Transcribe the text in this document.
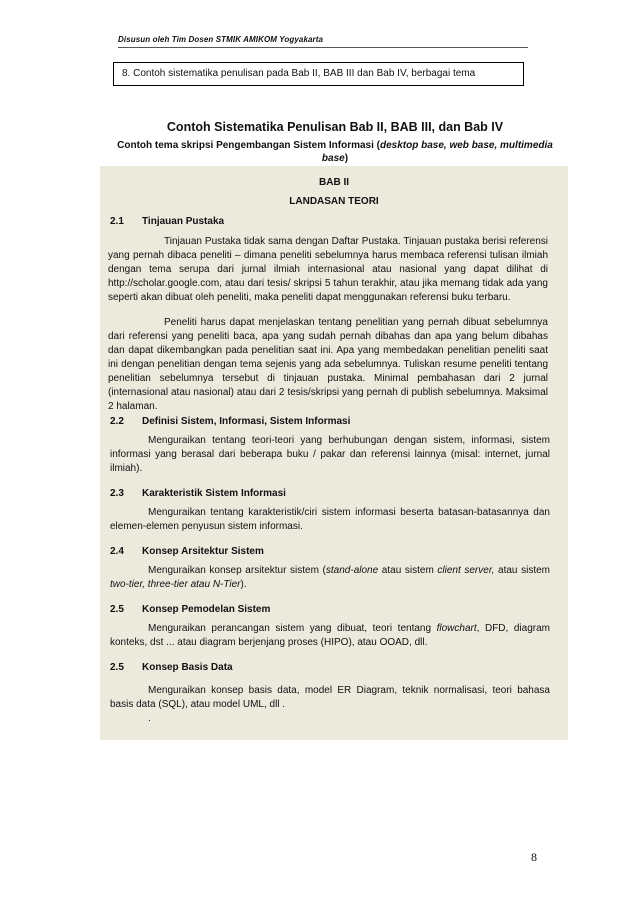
Disusun oleh Tim Dosen STMIK AMIKOM Yogyakarta
8. Contoh sistematika penulisan pada Bab II, BAB III dan Bab IV, berbagai tema
Contoh Sistematika Penulisan Bab II, BAB III, dan Bab IV
Contoh tema skripsi Pengembangan Sistem Informasi (desktop base, web base, multimedia base)
BAB II
LANDASAN TEORI
2.1 Tinjauan Pustaka
Tinjauan Pustaka tidak sama dengan Daftar Pustaka. Tinjauan pustaka berisi referensi yang pernah dibaca peneliti – dimana peneliti sebelumnya harus membaca referensi tulisan ilmiah dengan tema serupa dari jurnal ilmiah internasional atau nasional yang dapat dilihat di http://scholar.google.com, atau dari tesis/ skripsi 5 tahun terakhir, atau jika memang tidak ada yang seperti akan dibuat oleh peneliti, maka peneliti dapat menggunakan referensi buku terbaru.
Peneliti harus dapat menjelaskan tentang penelitian yang pernah dibuat sebelumnya dari referensi yang peneliti baca, apa yang sudah pernah dibahas dan apa yang belum dibahas dan dapat dikembangkan pada penelitian saat ini. Apa yang membedakan penelitian peneliti saat ini dengan penelitian dengan tema sejenis yang ada sebelumnya. Tuliskan resume peneliti tentang penelitian sebelumnya tersebut di tinjauan pustaka. Minimal pembahasan dari 2 jurnal (internasional atau nasional) atau dari 2 tesis/skripsi yang pernah di publish sebelumnya. Maksimal 2 halaman.
2.2 Definisi Sistem, Informasi, Sistem Informasi
Menguraikan tentang teori-teori yang berhubungan dengan sistem, informasi, sistem informasi yang berasal dari beberapa buku / pakar dan referensi lainnya (misal: internet, jurnal ilmiah).
2.3 Karakteristik Sistem Informasi
Menguraikan tentang karakteristik/ciri sistem informasi beserta batasan-batasannya dan elemen-elemen penyusun sistem informasi.
2.4 Konsep Arsitektur Sistem
Menguraikan konsep arsitektur sistem (stand-alone atau sistem client server, atau sistem two-tier, three-tier atau N-Tier).
2.5 Konsep Pemodelan Sistem
Menguraikan perancangan sistem yang dibuat, teori tentang flowchart, DFD, diagram konteks, dst ... atau diagram berjenjang proses (HIPO), atau OOAD, dll.
2.5 Konsep Basis Data
Menguraikan konsep basis data, model ER Diagram, teknik normalisasi, teori bahasa basis data (SQL), atau model UML, dll .
.
8
